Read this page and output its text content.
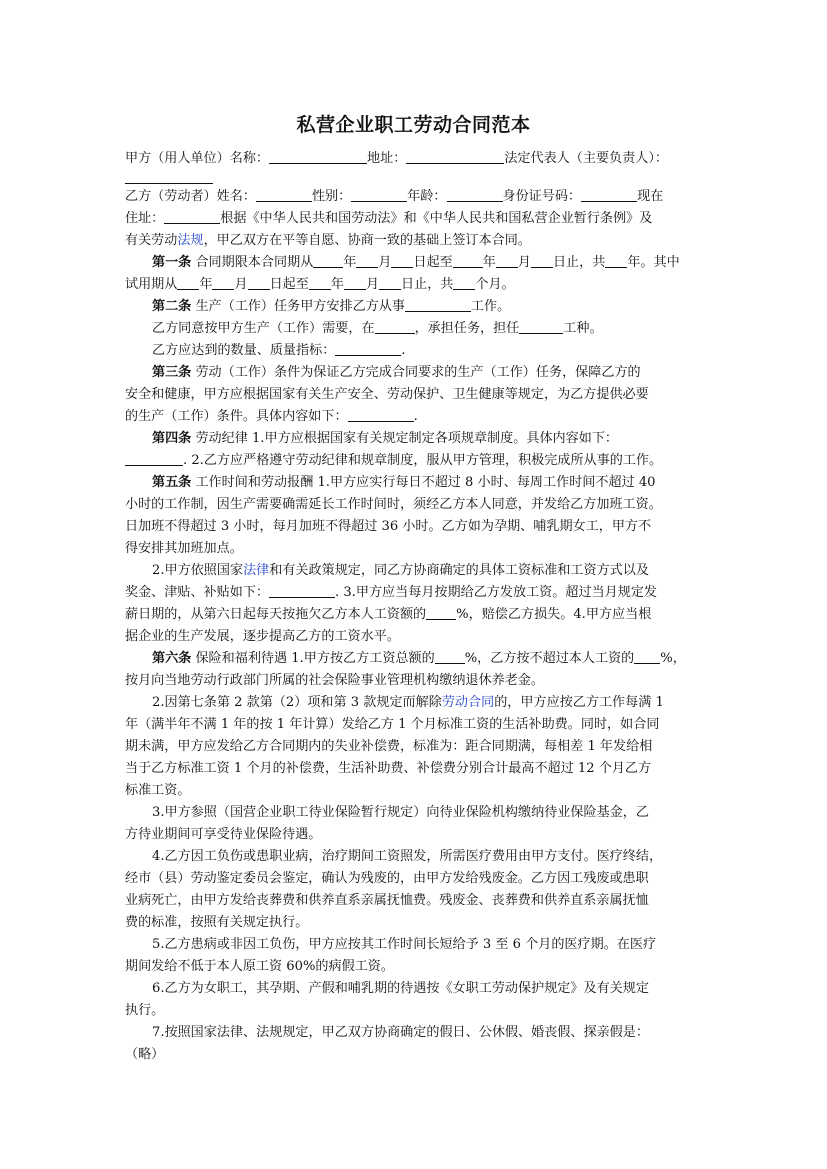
私营企业职工劳动合同范本
甲方（用人单位）名称：	地址：	法定代表人（主要负责人）：
乙方（劳动者）姓名：	性别：	年龄：	身份证号码：	现在
住址：	根据《中华人民共和国劳动法》和《中华人民共和国私营企业暂行条例》及
有关劳动法规，甲乙双方在平等自愿、协商一致的基础上签订本合同。
第一条 合同期限本合同期从 年 月 日起至 年 月 日止，共 年。其中
试用期从 年 月 日起至 年 月 日止，共 个月。
第二条 生产（工作）任务甲方安排乙方从事	工作。
乙方同意按甲方生产（工作）需要，在	，承担任务，担任	工种。
乙方应达到的数量、质量指标：	.
第三条 劳动（工作）条件为保证乙方完成合同要求的生产（工作）任务，保障乙方的
安全和健康，甲方应根据国家有关生产安全、劳动保护、卫生健康等规定，为乙方提供必要
的生产（工作）条件。具体内容如下：	.
第四条 劳动纪律 1.甲方应根据国家有关规定制定各项规章制度。具体内容如下：
. 2.乙方应严格遵守劳动纪律和规章制度，服从甲方管理，积极完成所从事的工作。
第五条 工作时间和劳动报酬 1.甲方应实行每日不超过 8 小时、每周工作时间不超过 40
小时的工作制，因生产需要确需延长工作时间时，须经乙方本人同意，并发给乙方加班工资。
日加班不得超过 3 小时，每月加班不得超过 36 小时。乙方如为孕期、哺乳期女工，甲方不
得安排其加班加点。
2.甲方依照国家法律和有关政策规定，同乙方协商确定的具体工资标准和工资方式以及
奖金、津贴、补贴如下：	. 3.甲方应当每月按期给乙方发放工资。超过当月规定发
薪日期的，从第六日起每天按拖欠乙方本人工资额的 %，赔偿乙方损失。4.甲方应当根
据企业的生产发展，逐步提高乙方的工资水平。
第六条 保险和福利待遇 1.甲方按乙方工资总额的 %，乙方按不超过本人工资的 %，
按月向当地劳动行政部门所属的社会保险事业管理机构缴纳退休养老金。
2.因第七条第 2 款第（2）项和第 3 款规定而解除劳动合同的，甲方应按乙方工作每满 1
年（满半年不满 1 年的按 1 年计算）发给乙方 1 个月标准工资的生活补助费。同时，如合同
期未满，甲方应发给乙方合同期内的失业补偿费，标准为：距合同期满，每相差 1 年发给相
当于乙方标准工资 1 个月的补偿费，生活补助费、补偿费分别合计最高不超过 12 个月乙方
标准工资。
3.甲方参照（国营企业职工待业保险暂行规定）向待业保险机构缴纳待业保险基金，乙
方待业期间可享受待业保险待遇。
4.乙方因工负伤或患职业病，治疗期间工资照发，所需医疗费用由甲方支付。医疗终结，
经市（县）劳动鉴定委员会鉴定，确认为残废的，由甲方发给残废金。乙方因工残废或患职
业病死亡，由甲方发给丧葬费和供养直系亲属抚恤费。残废金、丧葬费和供养直系亲属抚恤
费的标准，按照有关规定执行。
5.乙方患病或非因工负伤，甲方应按其工作时间长短给予 3 至 6 个月的医疗期。在医疗
期间发给不低于本人原工资 60%的病假工资。
6.乙方为女职工，其孕期、产假和哺乳期的待遇按《女职工劳动保护规定》及有关规定
执行。
7.按照国家法律、法规规定，甲乙双方协商确定的假日、公休假、婚丧假、探亲假是：
（略）
